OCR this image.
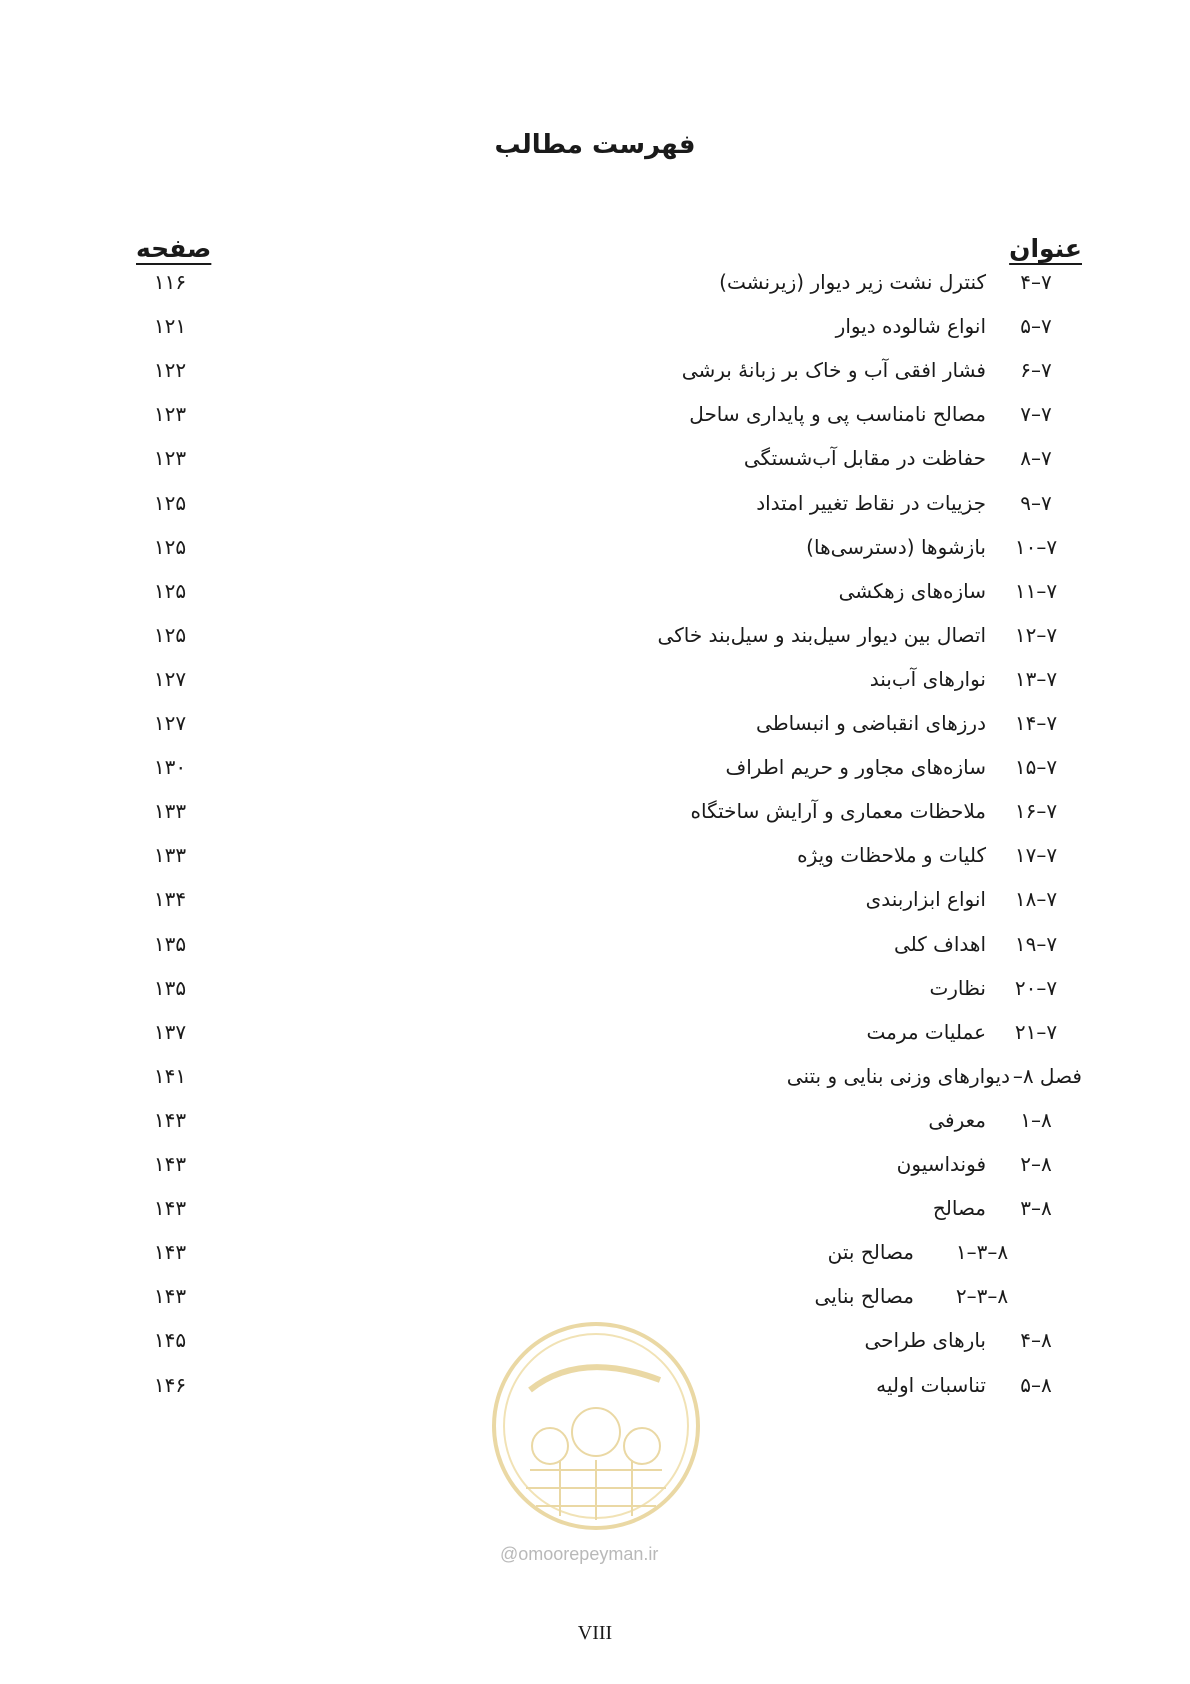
فهرست مطالب
عنوان
صفحه
۷–۴
کنترل نشت زیر دیوار (زیرنشت)
۱۱۶
۷–۵
انواع شالوده دیوار
۱۲۱
۷–۶
فشار افقی آب و خاک بر زبانهٔ برشی
۱۲۲
۷–۷
مصالح نامناسب پی و پایداری ساحل
۱۲۳
۷–۸
حفاظت در مقابل آب‌شستگی
۱۲۳
۷–۹
جزییات در نقاط تغییر امتداد
۱۲۵
۷–۱۰
بازشوها (دسترسی‌ها)
۱۲۵
۷–۱۱
سازه‌های زهکشی
۱۲۵
۷–۱۲
اتصال بین دیوار سیل‌بند و سیل‌بند خاکی
۱۲۵
۷–۱۳
نوارهای آب‌بند
۱۲۷
۷–۱۴
درزهای انقباضی و انبساطی
۱۲۷
۷–۱۵
سازه‌های مجاور و حریم اطراف
۱۳۰
۷–۱۶
ملاحظات معماری و آرایش ساختگاه
۱۳۳
۷–۱۷
کلیات و ملاحظات ویژه
۱۳۳
۷–۱۸
انواع ابزاربندی
۱۳۴
۷–۱۹
اهداف کلی
۱۳۵
۷–۲۰
نظارت
۱۳۵
۷–۲۱
عملیات مرمت
۱۳۷
فصل ۸–
دیوارهای وزنی بنایی و بتنی
۱۴۱
۸–۱
معرفی
۱۴۳
۸–۲
فونداسیون
۱۴۳
۸–۳
مصالح
۱۴۳
۸–۳–۱
مصالح بتن
۱۴۳
۸–۳–۲
مصالح بنایی
۱۴۳
۸–۴
بارهای طراحی
۱۴۵
۸–۵
تناسبات اولیه
۱۴۶
@omoorepeyman.ir
VIII
